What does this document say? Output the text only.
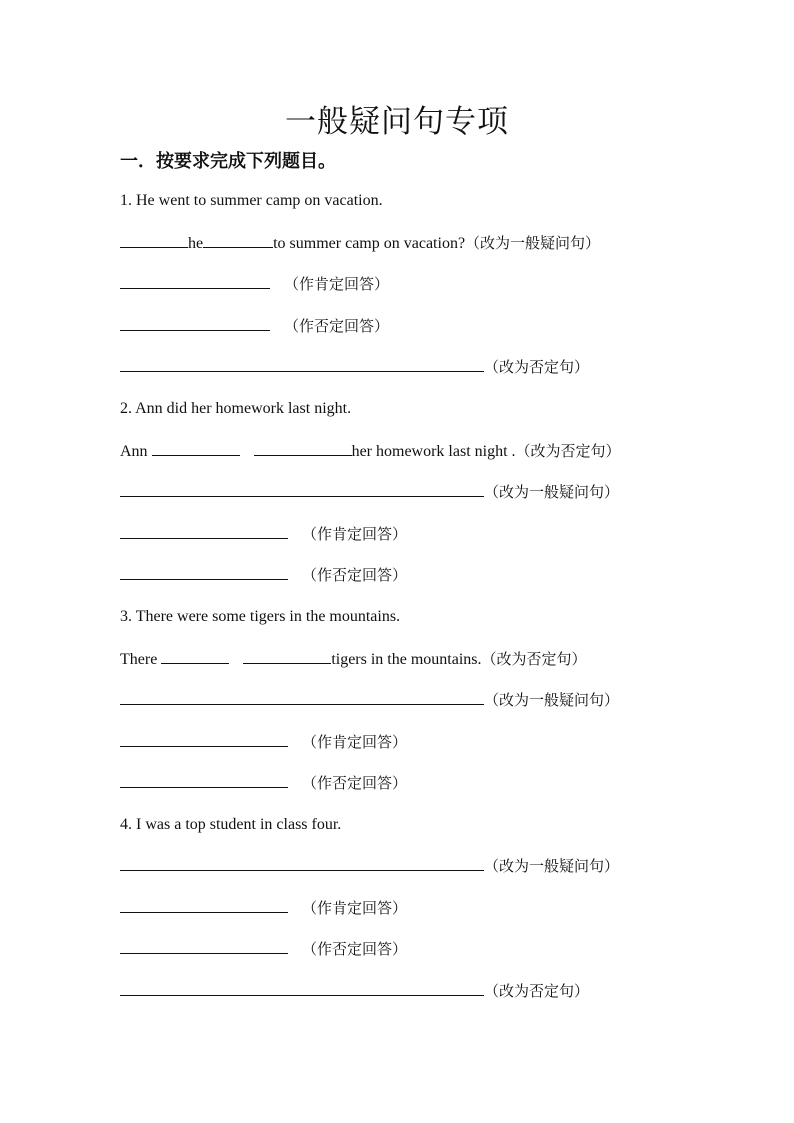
一般疑问句专项
一．按要求完成下列题目。
1. He went to summer camp on vacation.
he	to summer camp on vacation?（改为一般疑问句）
（作肯定回答）
（作否定回答）
（改为否定句）
2. Ann did her homework last night.
Ann	her homework last night .（改为否定句）
（改为一般疑问句）
（作肯定回答）
（作否定回答）
3. There were some tigers in the mountains.
There	tigers in the mountains.（改为否定句）
（改为一般疑问句）
（作肯定回答）
（作否定回答）
4. I was a top student in class four.
（改为一般疑问句）
（作肯定回答）
（作否定回答）
（改为否定句）
